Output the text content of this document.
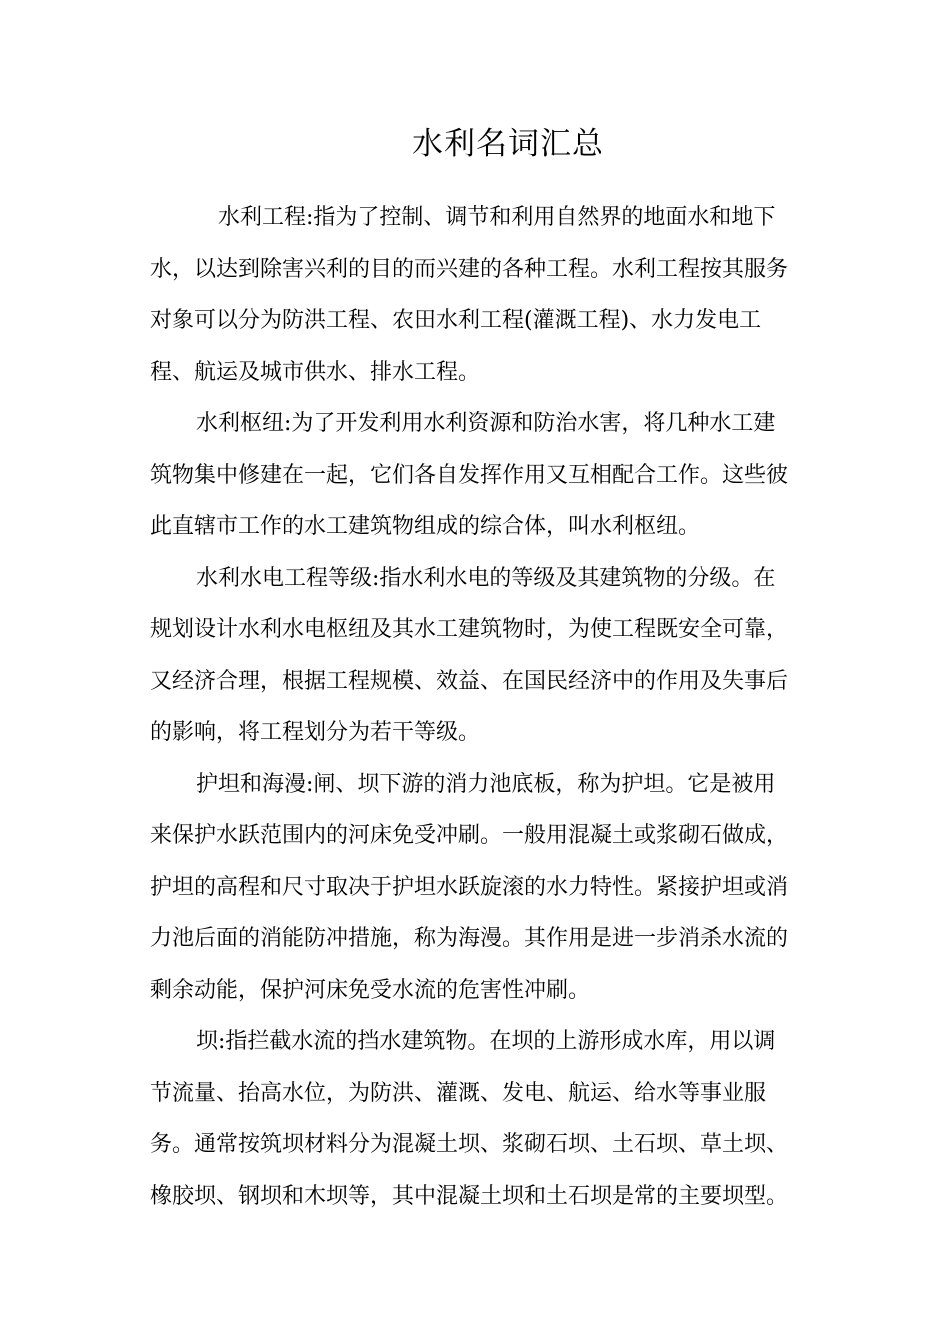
水利名词汇总

水利工程:指为了控制、调节和利用自然界的地面水和地下
水，以达到除害兴利的目的而兴建的各种工程。水利工程按其服务
对象可以分为防洪工程、农田水利工程(灌溉工程)、水力发电工
程、航运及城市供水、排水工程。

水利枢纽:为了开发利用水利资源和防治水害，将几种水工建
筑物集中修建在一起，它们各自发挥作用又互相配合工作。这些彼
此直辖市工作的水工建筑物组成的综合体，叫水利枢纽。

水利水电工程等级:指水利水电的等级及其建筑物的分级。在
规划设计水利水电枢纽及其水工建筑物时，为使工程既安全可靠，
又经济合理，根据工程规模、效益、在国民经济中的作用及失事后
的影响，将工程划分为若干等级。

护坦和海漫:闸、坝下游的消力池底板，称为护坦。它是被用
来保护水跃范围内的河床免受冲刷。一般用混凝土或浆砌石做成，
护坦的高程和尺寸取决于护坦水跃旋滚的水力特性。紧接护坦或消
力池后面的消能防冲措施，称为海漫。其作用是进一步消杀水流的
剩余动能，保护河床免受水流的危害性冲刷。

坝:指拦截水流的挡水建筑物。在坝的上游形成水库，用以调
节流量、抬高水位，为防洪、灌溉、发电、航运、给水等事业服
务。通常按筑坝材料分为混凝土坝、浆砌石坝、土石坝、草土坝、
橡胶坝、钢坝和木坝等，其中混凝土坝和土石坝是常的主要坝型。
